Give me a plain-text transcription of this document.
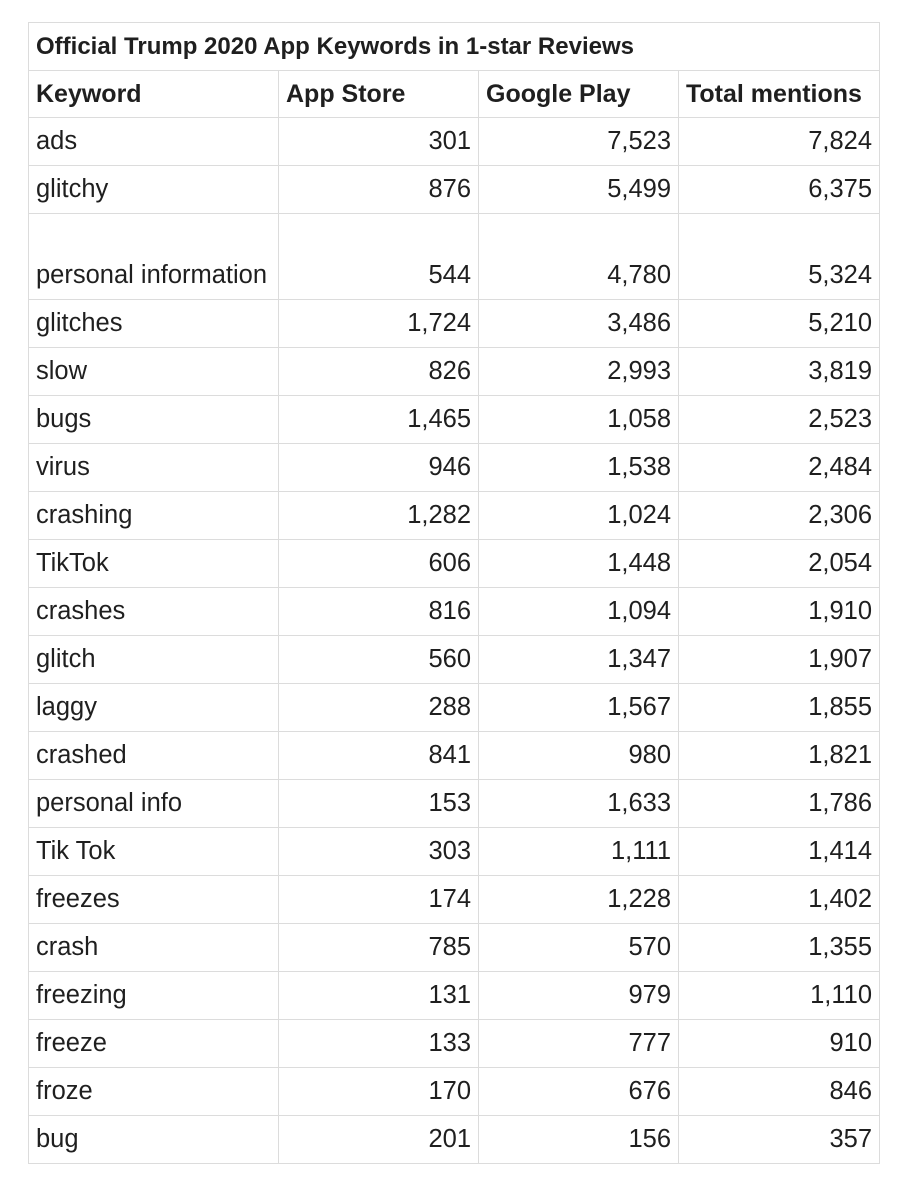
Official Trump 2020 App Keywords in 1-star Reviews
Keyword	App Store	Google Play	Total mentions
ads	301	7,523	7,824
glitchy	876	5,499	6,375
personal information	544	4,780	5,324
glitches	1,724	3,486	5,210
slow	826	2,993	3,819
bugs	1,465	1,058	2,523
virus	946	1,538	2,484
crashing	1,282	1,024	2,306
TikTok	606	1,448	2,054
crashes	816	1,094	1,910
glitch	560	1,347	1,907
laggy	288	1,567	1,855
crashed	841	980	1,821
personal info	153	1,633	1,786
Tik Tok	303	1,111	1,414
freezes	174	1,228	1,402
crash	785	570	1,355
freezing	131	979	1,110
freeze	133	777	910
froze	170	676	846
bug	201	156	357
